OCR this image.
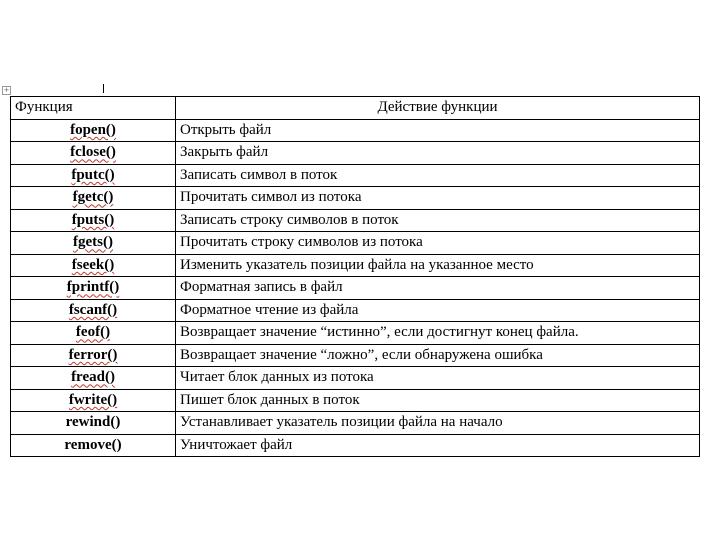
+
Функция	Действие функции
fopen()	Открыть файл
fclose()	Закрыть файл
fputc()	Записать символ в поток
fgetc()	Прочитать символ из потока
fputs()	Записать строку символов в поток
fgets()	Прочитать строку символов из потока
fseek()	Изменить указатель позиции файла на указанное место
fprintf()	Форматная запись в файл
fscanf()	Форматное чтение из файла
feof()	Возвращает значение “истинно”, если достигнут конец файла.
ferror()	Возвращает значение “ложно”, если обнаружена ошибка
fread()	Читает блок данных из потока
fwrite()	Пишет блок данных в поток
rewind()	Устанавливает указатель позиции файла на начало
remove()	Уничтожает файл
